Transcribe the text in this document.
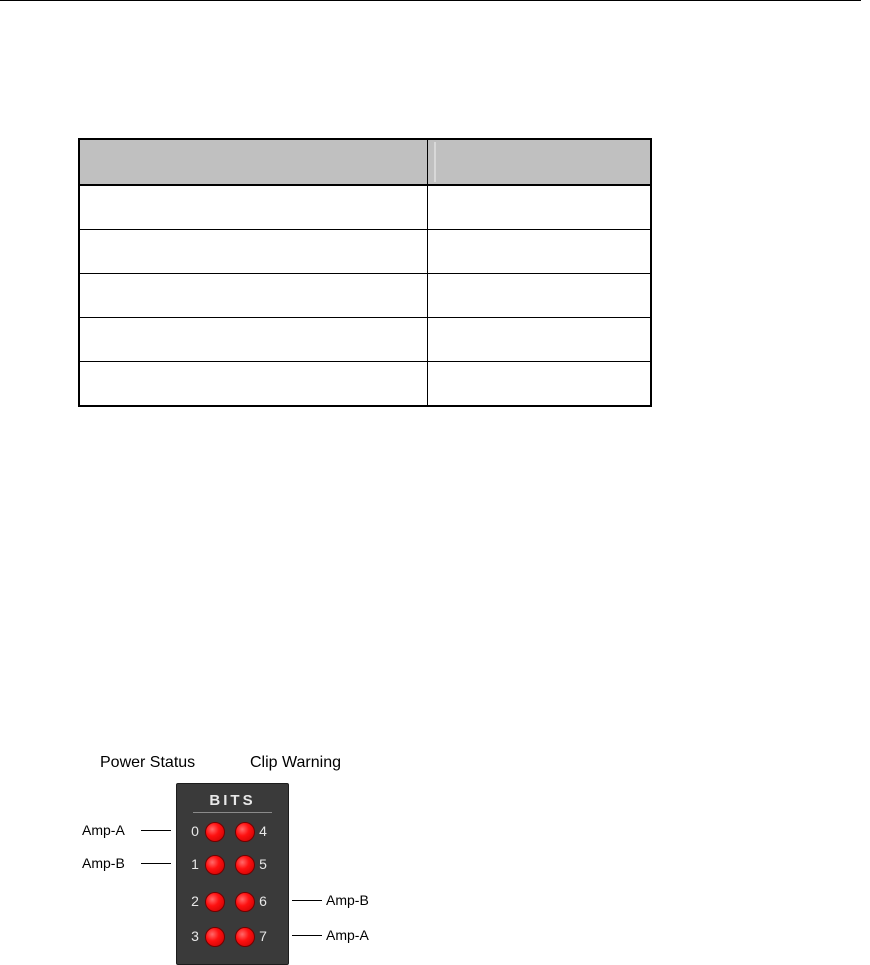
Power Status	Clip Warning
BITS
0
1
2
3
4
5
6
7
Amp-A
Amp-B
Amp-B
Amp-A
